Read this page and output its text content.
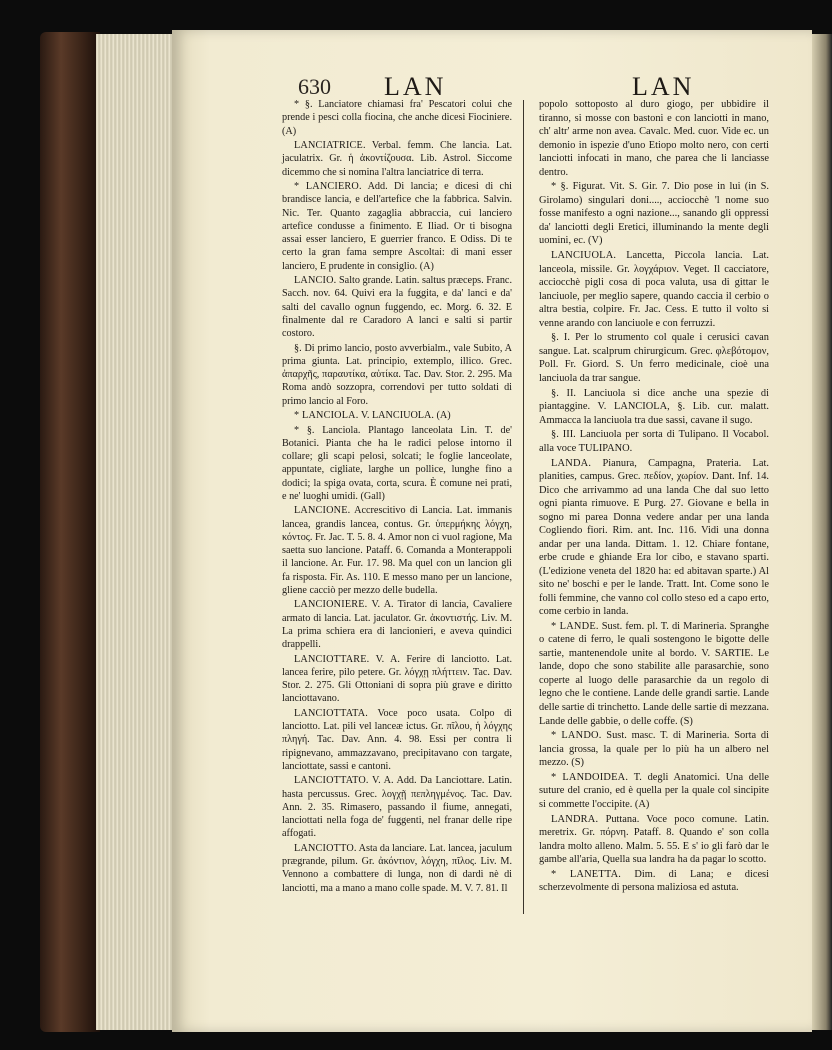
630 LAN	LAN

* §. Lanciatore chiamasi fra' Pescatori colui che prende i pesci colla fiocina, che anche dicesi Fiociniere. (A)

LANCIATRICE. Verbal. femm. Che lancia. Lat. jaculatrix. Gr. ἡ ἀκοντίζουσα. Lib. Astrol. Siccome dicemmo che si nomina l'altra lanciatrice di terra.

* LANCIERO. Add. Di lancia; e dicesi di chi brandisce lancia, e dell'artefice che la fabbrica. Salvin. Nic. Ter. Quanto zagaglia abbraccia, cui lanciero artefice condusse a finimento. E Iliad. Or ti bisogna assai esser lanciero, E guerrier franco. E Odiss. Di te certo la gran fama sempre Ascoltai: di mani esser lanciero, E prudente in consiglio. (A)

LANCIO. Salto grande. Latin. saltus præceps. Franc. Sacch. nov. 64. Quivi era la fuggita, e da' lanci e da' salti del cavallo ognun fuggendo, ec. Morg. 6. 32. E finalmente dal re Caradoro A lanci e salti si partir costoro.

§. Di primo lancio, posto avverbialm., vale Subito, A prima giunta. Lat. principio, extemplo, illico. Grec. ἀπαρχῆς, παραυτίκα, αὐτίκα. Tac. Dav. Stor. 2. 295. Ma Roma andò sozzopra, correndovi per tutto soldati di primo lancio al Foro.

* LANCIOLA. V. LANCIUOLA. (A)

* §. Lanciola. Plantago lanceolata Lin. T. de' Botanici. Pianta che ha le radici pelose intorno il collare; gli scapi pelosi, solcati; le foglie lanceolate, appuntate, cigliate, larghe un pollice, lunghe fino a dodici; la spiga ovata, corta, scura. È comune nei prati, e ne' luoghi umidi. (Gall)

LANCIONE. Accrescitivo di Lancia. Lat. immanis lancea, grandis lancea, contus. Gr. ὑπερμήκης λόγχη, κόντος. Fr. Jac. T. 5. 8. 4. Amor non ci vuol ragione, Ma saetta suo lancione. Pataff. 6. Comanda a Monterappoli il lancione. Ar. Fur. 17. 98. Ma quel con un lancion gli fa risposta. Fir. As. 110. E messo mano per un lancione, gliene cacciò per mezzo delle budella.

LANCIONIERE. V. A. Tirator di lancia, Cavaliere armato di lancia. Lat. jaculator. Gr. ἀκοντιστής. Liv. M. La prima schiera era di lancionieri, e aveva quindici drappelli.

LANCIOTTARE. V. A. Ferire di lanciotto. Lat. lancea ferire, pilo petere. Gr. λόγχῃ πλήττειν. Tac. Dav. Stor. 2. 275. Gli Ottoniani di sopra più grave e diritto lanciottavano.

LANCIOTTATA. Voce poco usata. Colpo di lanciotto. Lat. pili vel lanceæ ictus. Gr. πῖλου, ἡ λόγχης πληγή. Tac. Dav. Ann. 4. 98. Essi per contra li ripignevano, ammazzavano, precipitavano con targate, lanciottate, sassi e cantoni.

LANCIOTTATO. V. A. Add. Da Lanciottare. Latin. hasta percussus. Grec. λογχῇ πεπληγμένος. Tac. Dav. Ann. 2. 35. Rimasero, passando il fiume, annegati, lanciottati nella foga de' fuggenti, nel franar delle ripe affogati.

LANCIOTTO. Asta da lanciare. Lat. lancea, jaculum prægrande, pilum. Gr. ἀκόντιον, λόγχη, πῖλος. Liv. M. Vennono a combattere di lunga, non di dardi nè di lanciotti, ma a mano a mano colle spade. M. V. 7. 81. Il

popolo sottoposto al duro giogo, per ubbidire il tiranno, si mosse con bastoni e con lanciotti in mano, ch' altr' arme non avea. Cavalc. Med. cuor. Vide ec. un demonio in ispezie d'uno Etiopo molto nero, con certi lanciotti infocati in mano, che parea che li lanciasse dentro.

* §. Figurat. Vit. S. Gir. 7. Dio pose in lui (in S. Girolamo) singulari doni...., acciocchè 'l nome suo fosse manifesto a ogni nazione..., sanando gli oppressi da' lanciotti degli Eretici, illuminando la mente degli uomini, ec. (V)

LANCIUOLA. Lancetta, Piccola lancia. Lat. lanceola, missile. Gr. λογχάριον. Veget. Il cacciatore, acciocchè pigli cosa di poca valuta, usa di gittar le lanciuole, per meglio sapere, quando caccia il cerbio o altra bestia, colpire. Fr. Jac. Cess. E tutto il volto si venne arando con lanciuole e con ferruzzi.

§. I. Per lo strumento col quale i cerusici cavan sangue. Lat. scalprum chirurgicum. Grec. φλεβότομον, Poll. Fr. Giord. S. Un ferro medicinale, cioè una lanciuola da trar sangue.

§. II. Lanciuola si dice anche una spezie di piantaggine. V. LANCIOLA, §. Lib. cur. malatt. Ammacca la lanciuola tra due sassi, cavane il sugo.

§. III. Lanciuola per sorta di Tulipano. Il Vocabol. alla voce TULIPANO.

LANDA. Pianura, Campagna, Prateria. Lat. planities, campus. Grec. πεδίον, χωρίον. Dant. Inf. 14. Dico che arrivammo ad una landa Che dal suo letto ogni pianta rimuove. E Purg. 27. Giovane e bella in sogno mi parea Donna vedere andar per una landa Cogliendo fiori. Rim. ant. Inc. 116. Vidi una donna andar per una landa. Dittam. 1. 12. Chiare fontane, erbe crude e ghiande Era lor cibo, e stavano sparti. (L'edizione veneta del 1820 ha: ed abitavan sparte.) Al sito ne' boschi e per le lande. Tratt. Int. Come sono le folli femmine, che vanno col collo steso ed a capo erto, come cerbio in landa.

* LANDE. Sust. fem. pl. T. di Marineria. Spranghe o catene di ferro, le quali sostengono le bigotte delle sartie, mantenendole unite al bordo. V. SARTIE. Le lande, dopo che sono stabilite alle parasarchie, sono coperte al luogo delle parasarchie da un regolo di legno che le contiene. Lande delle grandi sartie. Lande delle sartie di trinchetto. Lande delle sartie di mezzana. Lande delle gabbie, o delle coffe. (S)

* LANDO. Sust. masc. T. di Marineria. Sorta di lancia grossa, la quale per lo più ha un albero nel mezzo. (S)

* LANDOIDEA. T. degli Anatomici. Una delle suture del cranio, ed è quella per la quale col sincipite si commette l'occipite. (A)

LANDRA. Puttana. Voce poco comune. Latin. meretrix. Gr. πόρνη. Pataff. 8. Quando e' son colla landra molto alleno. Malm. 5. 55. E s' io gli farò dar le gambe all'aria, Quella sua landra ha da pagar lo scotto.

* LANETTA. Dim. di Lana; e dicesi scherzevolmente di persona maliziosa ed astuta.
